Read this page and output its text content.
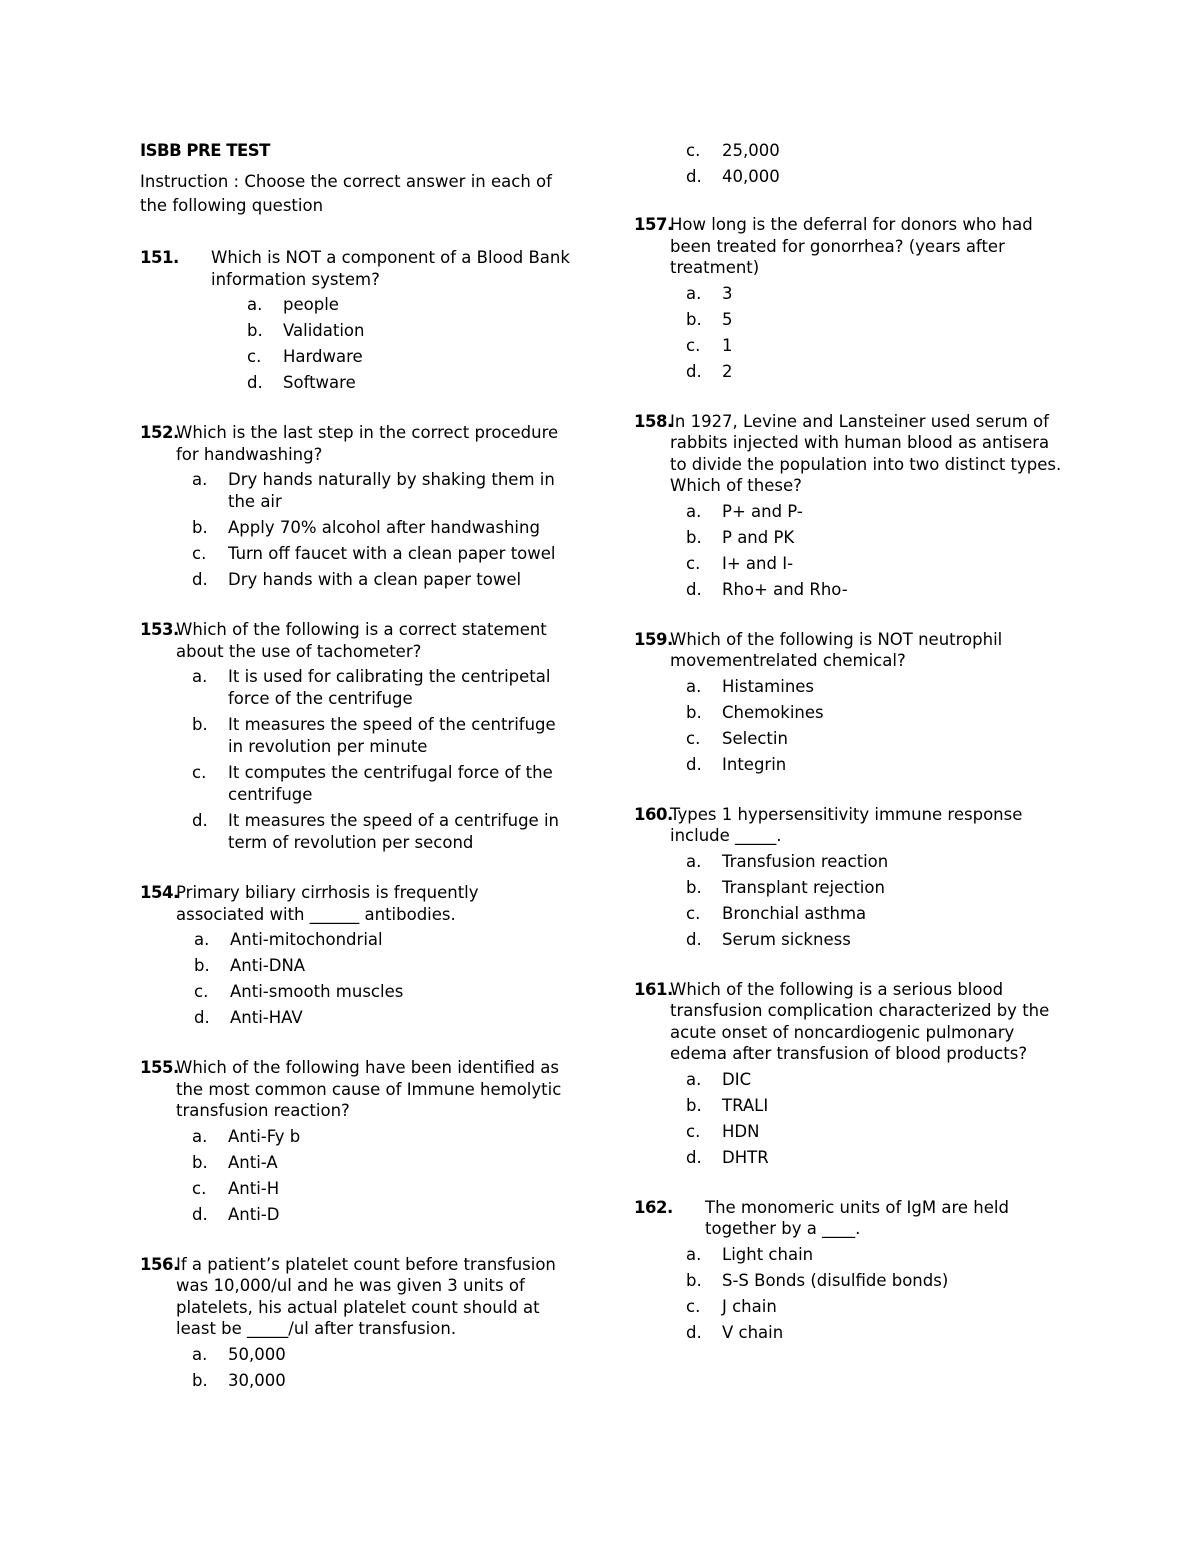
ISBB PRE TEST
Instruction : Choose the correct answer in each of the following question
151.	Which is NOT a component of a Blood Bank information system?
a.	people
b.	Validation
c.	Hardware
d.	Software
152.
Which is the last step in the correct procedure for handwashing?
a.	Dry hands naturally by shaking them in the air
b.	Apply 70% alcohol after handwashing
c.	Turn off faucet with a clean paper towel
d.	Dry hands with a clean paper towel
153.
Which of the following is a correct statement about the use of tachometer?
a.	It is used for calibrating the centripetal force of the centrifuge
b.	It measures the speed of the centrifuge in revolution per minute
c.	It computes the centrifugal force of the centrifuge
d.	It measures the speed of a centrifuge in term of revolution per second
154.
Primary biliary cirrhosis is frequently associated with ______ antibodies.
a.	Anti-mitochondrial
b.	Anti-DNA
c.	Anti-smooth muscles
d.	Anti-HAV
155.
Which of the following have been identified as the most common cause of Immune hemolytic transfusion reaction?
a.	Anti-Fy b
b.	Anti-A
c.	Anti-H
d.	Anti-D
156.
If a patient’s platelet count before transfusion was 10,000/ul and he was given 3 units of platelets, his actual platelet count should at least be _____/ul after transfusion.
a.	50,000
b.	30,000
c.	25,000
d.	40,000
157.
How long is the deferral for donors who had been treated for gonorrhea? (years after treatment)
a.	3
b.	5
c.	1
d.	2
158.
In 1927, Levine and Lansteiner used serum of rabbits injected with human blood as antisera to divide the population into two distinct types. Which of these?
a.	P+ and P-
b.	P and PK
c.	I+ and I-
d.	Rho+ and Rho-
159.
Which of the following is NOT neutrophil movementrelated chemical?
a.	Histamines
b.	Chemokines
c.	Selectin
d.	Integrin
160.
Types 1 hypersensitivity immune response include _____.
a.	Transfusion reaction
b.	Transplant rejection
c.	Bronchial asthma
d.	Serum sickness
161.
Which of the following is a serious blood transfusion complication characterized by the acute onset of noncardiogenic pulmonary edema after transfusion of blood products?
a.	DIC
b.	TRALI
c.	HDN
d.	DHTR
162.	The monomeric units of IgM are held together by a ____.
a.	Light chain
b.	S-S Bonds (disulfide bonds)
c.	J chain
d.	V chain
